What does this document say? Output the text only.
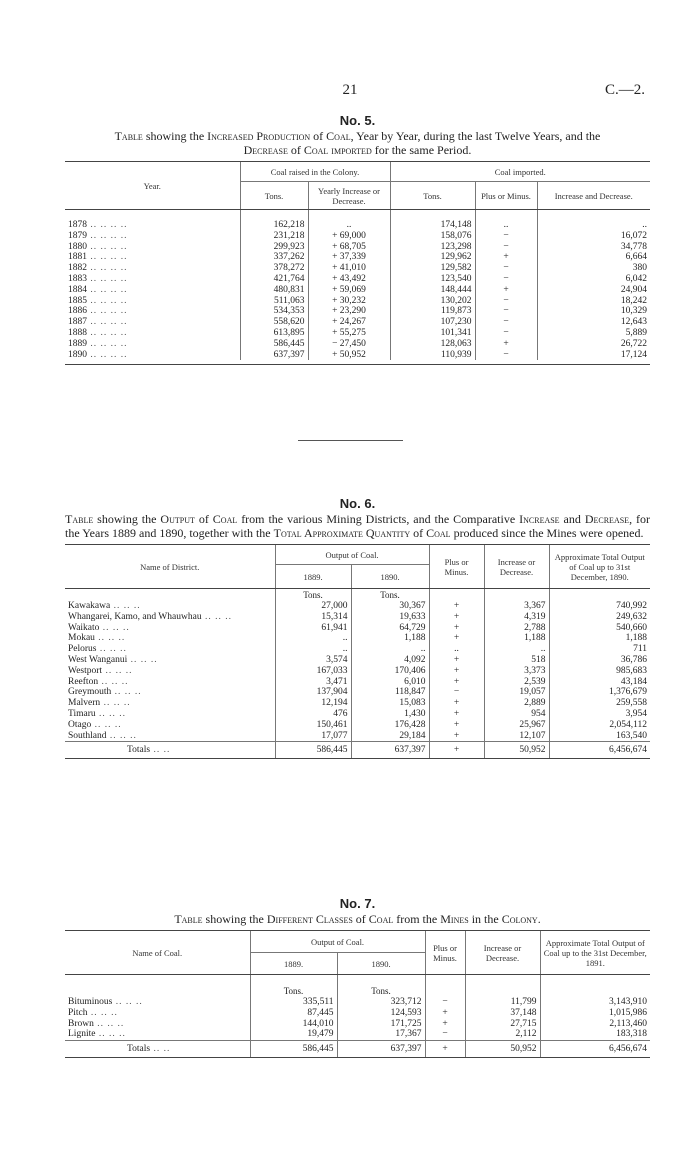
21	C.—2.
No. 5.
Table showing the Increased Production of Coal, Year by Year, during the last Twelve Years, and the Decrease of Coal imported for the same Period.
Year.	Coal raised in the Colony.		Coal imported.		
	Tons.	Yearly Increase or Decrease.	Tons.	Plus or Minus.	Increase and Decrease.

1878 .. .. .. ..	162,218	..	174,148	..	..
1879 .. .. .. ..	231,218	+ 69,000	158,076	−	16,072
1880 .. .. .. ..	299,923	+ 68,705	123,298	−	34,778
1881 .. .. .. ..	337,262	+ 37,339	129,962	+	6,664
1882 .. .. .. ..	378,272	+ 41,010	129,582	−	380
1883 .. .. .. ..	421,764	+ 43,492	123,540	−	6,042
1884 .. .. .. ..	480,831	+ 59,069	148,444	+	24,904
1885 .. .. .. ..	511,063	+ 30,232	130,202	−	18,242
1886 .. .. .. ..	534,353	+ 23,290	119,873	−	10,329
1887 .. .. .. ..	558,620	+ 24,267	107,230	−	12,643
1888 .. .. .. ..	613,895	+ 55,275	101,341	−	5,889
1889 .. .. .. ..	586,445	− 27,450	128,063	+	26,722
1890 .. .. .. ..	637,397	+ 50,952	110,939	−	17,124
No. 6.
Table showing the Output of Coal from the various Mining Districts, and the Comparative Increase and Decrease, for the Years 1889 and 1890, together with the Total Approximate Quantity of Coal produced since the Mines were opened.
Name of District.	Output of Coal.		Plus or Minus.	Increase or Decrease.	Approximate Total Output of Coal up to 31st December, 1890.
	1889.	1890.			
	Tons.	Tons.			
Kawakawa .. .. ..	27,000	30,367	+	3,367	740,992
Whangarei, Kamo, and Whauwhau .. .. ..	15,314	19,633	+	4,319	249,632
Waikato .. .. ..	61,941	64,729	+	2,788	540,660
Mokau .. .. ..	..	1,188	+	1,188	1,188
Pelorus .. .. ..	..	..	..	..	711
West Wanganui .. .. ..	3,574	4,092	+	518	36,786
Westport .. .. ..	167,033	170,406	+	3,373	985,683
Reefton .. .. ..	3,471	6,010	+	2,539	43,184
Greymouth .. .. ..	137,904	118,847	−	19,057	1,376,679
Malvern .. .. ..	12,194	15,083	+	2,889	259,558
Timaru .. .. ..	476	1,430	+	954	3,954
Otago .. .. ..	150,461	176,428	+	25,967	2,054,112
Southland .. .. ..	17,077	29,184	+	12,107	163,540
Totals .. ..	586,445	637,397	+	50,952	6,456,674
No. 7.
Table showing the Different Classes of Coal from the Mines in the Colony.
Name of Coal.	Output of Coal.		Plus or Minus.	Increase or Decrease.	Approximate Total Output of Coal up to the 31st December, 1891.
	1889.	1890.			

	Tons.	Tons.			
Bituminous .. .. ..	335,511	323,712	−	11,799	3,143,910
Pitch .. .. ..	87,445	124,593	+	37,148	1,015,986
Brown .. .. ..	144,010	171,725	+	27,715	2,113,460
Lignite .. .. ..	19,479	17,367	−	2,112	183,318
Totals .. ..	586,445	637,397	+	50,952	6,456,674
